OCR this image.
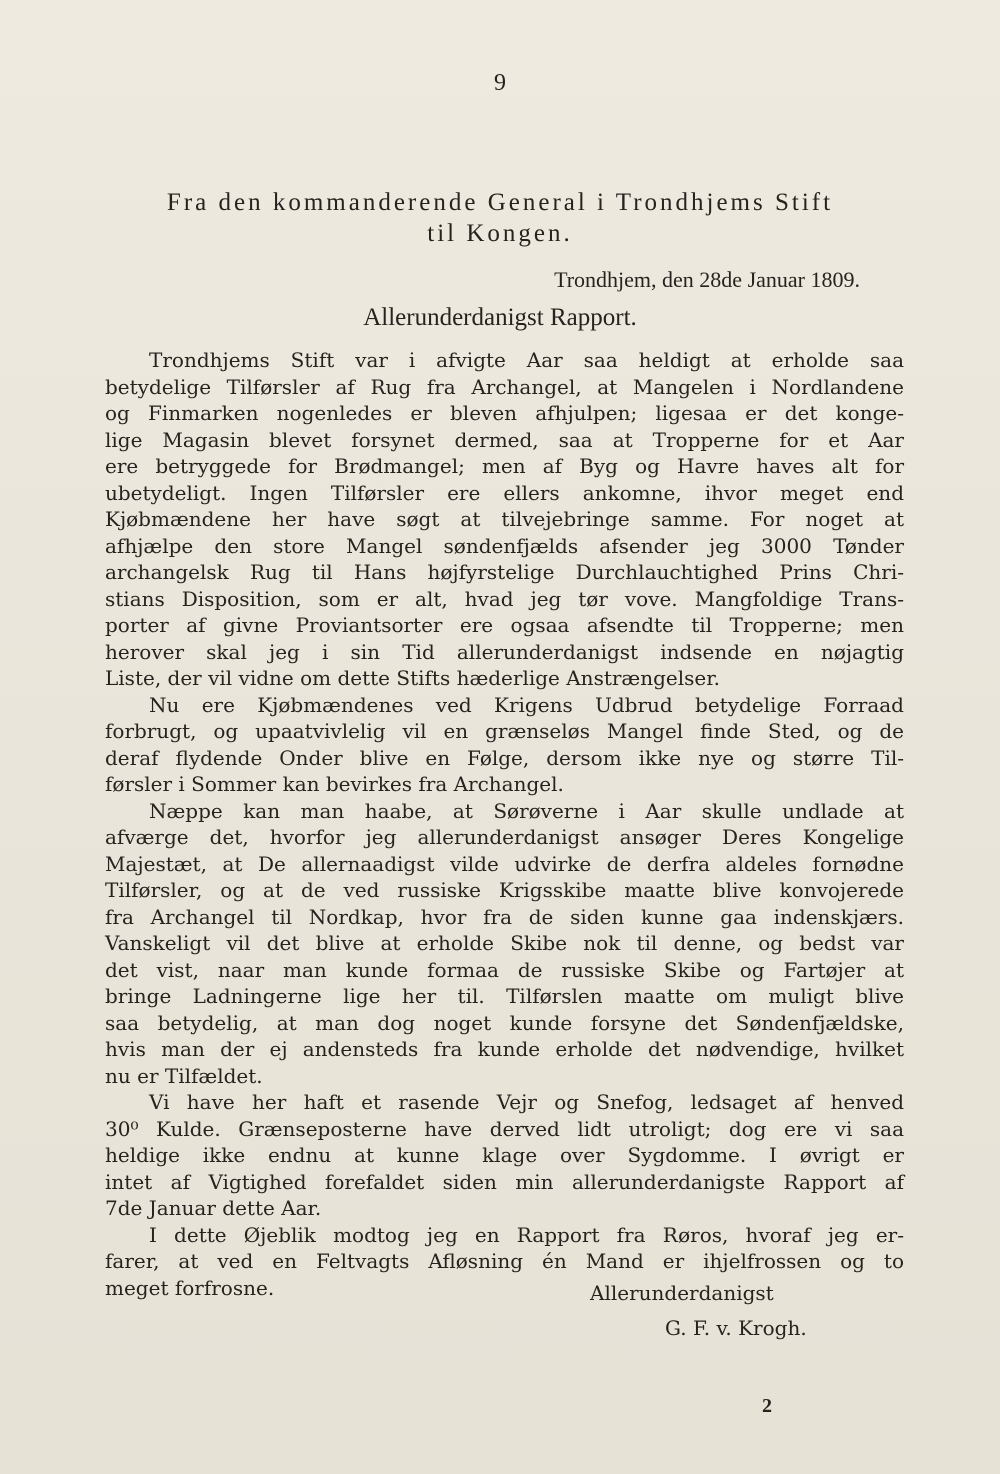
9
Fra den kommanderende General i Trondhjems Stift
til Kongen.
Trondhjem, den 28de Januar 1809.
Allerunderdanigst Rapport.
Trondhjems Stift var i afvigte Aar saa heldigt at erholde saa
betydelige Tilførsler af Rug fra Archangel, at Mangelen i Nordlandene
og Finmarken nogenledes er bleven afhjulpen; ligesaa er det konge-
lige Magasin blevet forsynet dermed, saa at Tropperne for et Aar
ere betryggede for Brødmangel; men af Byg og Havre haves alt for
ubetydeligt. Ingen Tilførsler ere ellers ankomne, ihvor meget end
Kjøbmændene her have søgt at tilvejebringe samme. For noget at
afhjælpe den store Mangel søndenfjælds afsender jeg 3000 Tønder
archangelsk Rug til Hans højfyrstelige Durchlauchtighed Prins Chri-
stians Disposition, som er alt, hvad jeg tør vove. Mangfoldige Trans-
porter af givne Proviantsorter ere ogsaa afsendte til Tropperne; men
herover skal jeg i sin Tid allerunderdanigst indsende en nøjagtig
Liste, der vil vidne om dette Stifts hæderlige Anstrængelser.
Nu ere Kjøbmændenes ved Krigens Udbrud betydelige Forraad
forbrugt, og upaatvivlelig vil en grænseløs Mangel finde Sted, og de
deraf flydende Onder blive en Følge, dersom ikke nye og større Til-
førsler i Sommer kan bevirkes fra Archangel.
Næppe kan man haabe, at Sørøverne i Aar skulle undlade at
afværge det, hvorfor jeg allerunderdanigst ansøger Deres Kongelige
Majestæt, at De allernaadigst vilde udvirke de derfra aldeles fornødne
Tilførsler, og at de ved russiske Krigsskibe maatte blive konvojerede
fra Archangel til Nordkap, hvor fra de siden kunne gaa indenskjærs.
Vanskeligt vil det blive at erholde Skibe nok til denne, og bedst var
det vist, naar man kunde formaa de russiske Skibe og Fartøjer at
bringe Ladningerne lige her til. Tilførslen maatte om muligt blive
saa betydelig, at man dog noget kunde forsyne det Søndenfjældske,
hvis man der ej andensteds fra kunde erholde det nødvendige, hvilket
nu er Tilfældet.
Vi have her haft et rasende Vejr og Snefog, ledsaget af henved
30⁰ Kulde. Grænseposterne have derved lidt utroligt; dog ere vi saa
heldige ikke endnu at kunne klage over Sygdomme. I øvrigt er
intet af Vigtighed forefaldet siden min allerunderdanigste Rapport af
7de Januar dette Aar.
I dette Øjeblik modtog jeg en Rapport fra Røros, hvoraf jeg er-
farer, at ved en Feltvagts Afløsning én Mand er ihjelfrossen og to
meget forfrosne.	Allerunderdanigst
G. F. v. Krogh.
2
